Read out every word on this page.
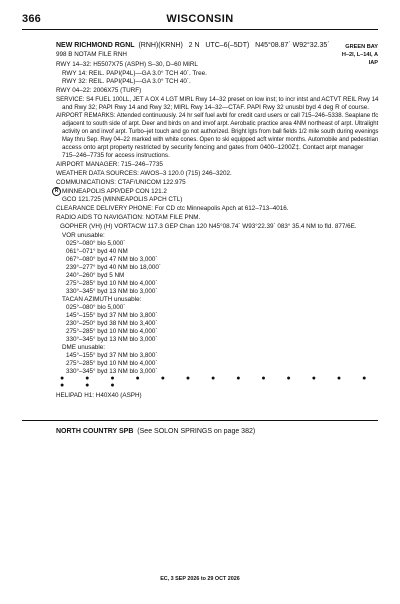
366	WISCONSIN
NEW RICHMOND RGNL (RNH)(KRNH) 2 N UTC–6(–5DT) N45°08.87´ W92°32.35´	GREEN BAY
998 B NOTAM FILE RNH	H–2I, L–14I, A
IAP
RWY 14–32: H5507X75 (ASPH) S–30, D–60 MIRL
RWY 14: REIL. PAPI(P4L)—GA 3.0° TCH 40´. Tree.
RWY 32: REIL. PAPI(P4L)—GA 3.0° TCH 40´.
RWY 04–22: 2006X75 (TURF)
SERVICE: S4 FUEL 100LL, JET A OX 4 LGT MIRL Rwy 14–32 preset on low inst; to incr intst and ACTVT REIL Rwy 14
and Rwy 32; PAPI Rwy 14 and Rwy 32; MIRL Rwy 14–32—CTAF. PAPI Rwy 32 unusbl byd 4 deg R of course.
AIRPORT REMARKS: Attended continuously. 24 hr self fuel avbl for credit card users or call 715–246–5338. Seaplane tfc
adjacent to south side of arpt. Deer and birds on and invof arpt. Aerobatic practice area 4NM northeast of arpt. Ultralight
activity on and invof arpt. Turbo–jet touch and go not authorized. Bright lgts from ball fields 1/2 mile south during evenings
May thru Sep. Rwy 04–22 marked with white cones. Open to ski equipped acft winter months. Automobile and pedestrian
access onto arpt property restricted by security fencing and gates from 0400–1200Z‡. Contact arpt manager
715–246–7735 for access instructions.
AIRPORT MANAGER: 715–246–7735
WEATHER DATA SOURCES: AWOS–3 120.0 (715) 246–3202.
COMMUNICATIONS: CTAF/UNICOM 122.975
R MINNEAPOLIS APP/DEP CON 121.2
GCO 121.725 (MINNEAPOLIS APCH CTL)
CLEARANCE DELIVERY PHONE: For CD ctc Minneapolis Apch at 612–713–4016.
RADIO AIDS TO NAVIGATION: NOTAM FILE PNM.
GOPHER (VH) (H) VORTACW 117.3 GEP Chan 120 N45°08.74´ W93°22.39´ 083° 35.4 NM to fld. 877/6E.
VOR unusable:
025°–080° blo 5,000´
061°–071° byd 40 NM
067°–080° byd 47 NM blo 3,000´
239°–277° byd 40 NM blo 18,000´
240°–260° byd 5 NM
275°–285° byd 10 NM blo 4,000´
330°–345° byd 13 NM blo 3,000´
TACAN AZIMUTH unusable:
025°–080° blo 5,000´
145°–155° byd 37 NM blo 3,800´
230°–250° byd 38 NM blo 3,400´
275°–285° byd 10 NM blo 4,000´
330°–345° byd 13 NM blo 3,000´
DME unusable:
145°–155° byd 37 NM blo 3,800´
275°–285° byd 10 NM blo 4,000´
330°–345° byd 13 NM blo 3,000´
● ● ● ● ● ● ● ● ● ● ● ● ● ● ● ●
HELIPAD H1: H40X40 (ASPH)
NORTH COUNTRY SPB (See SOLON SPRINGS on page 382)
EC, 3 SEP 2026 to 29 OCT 2026
